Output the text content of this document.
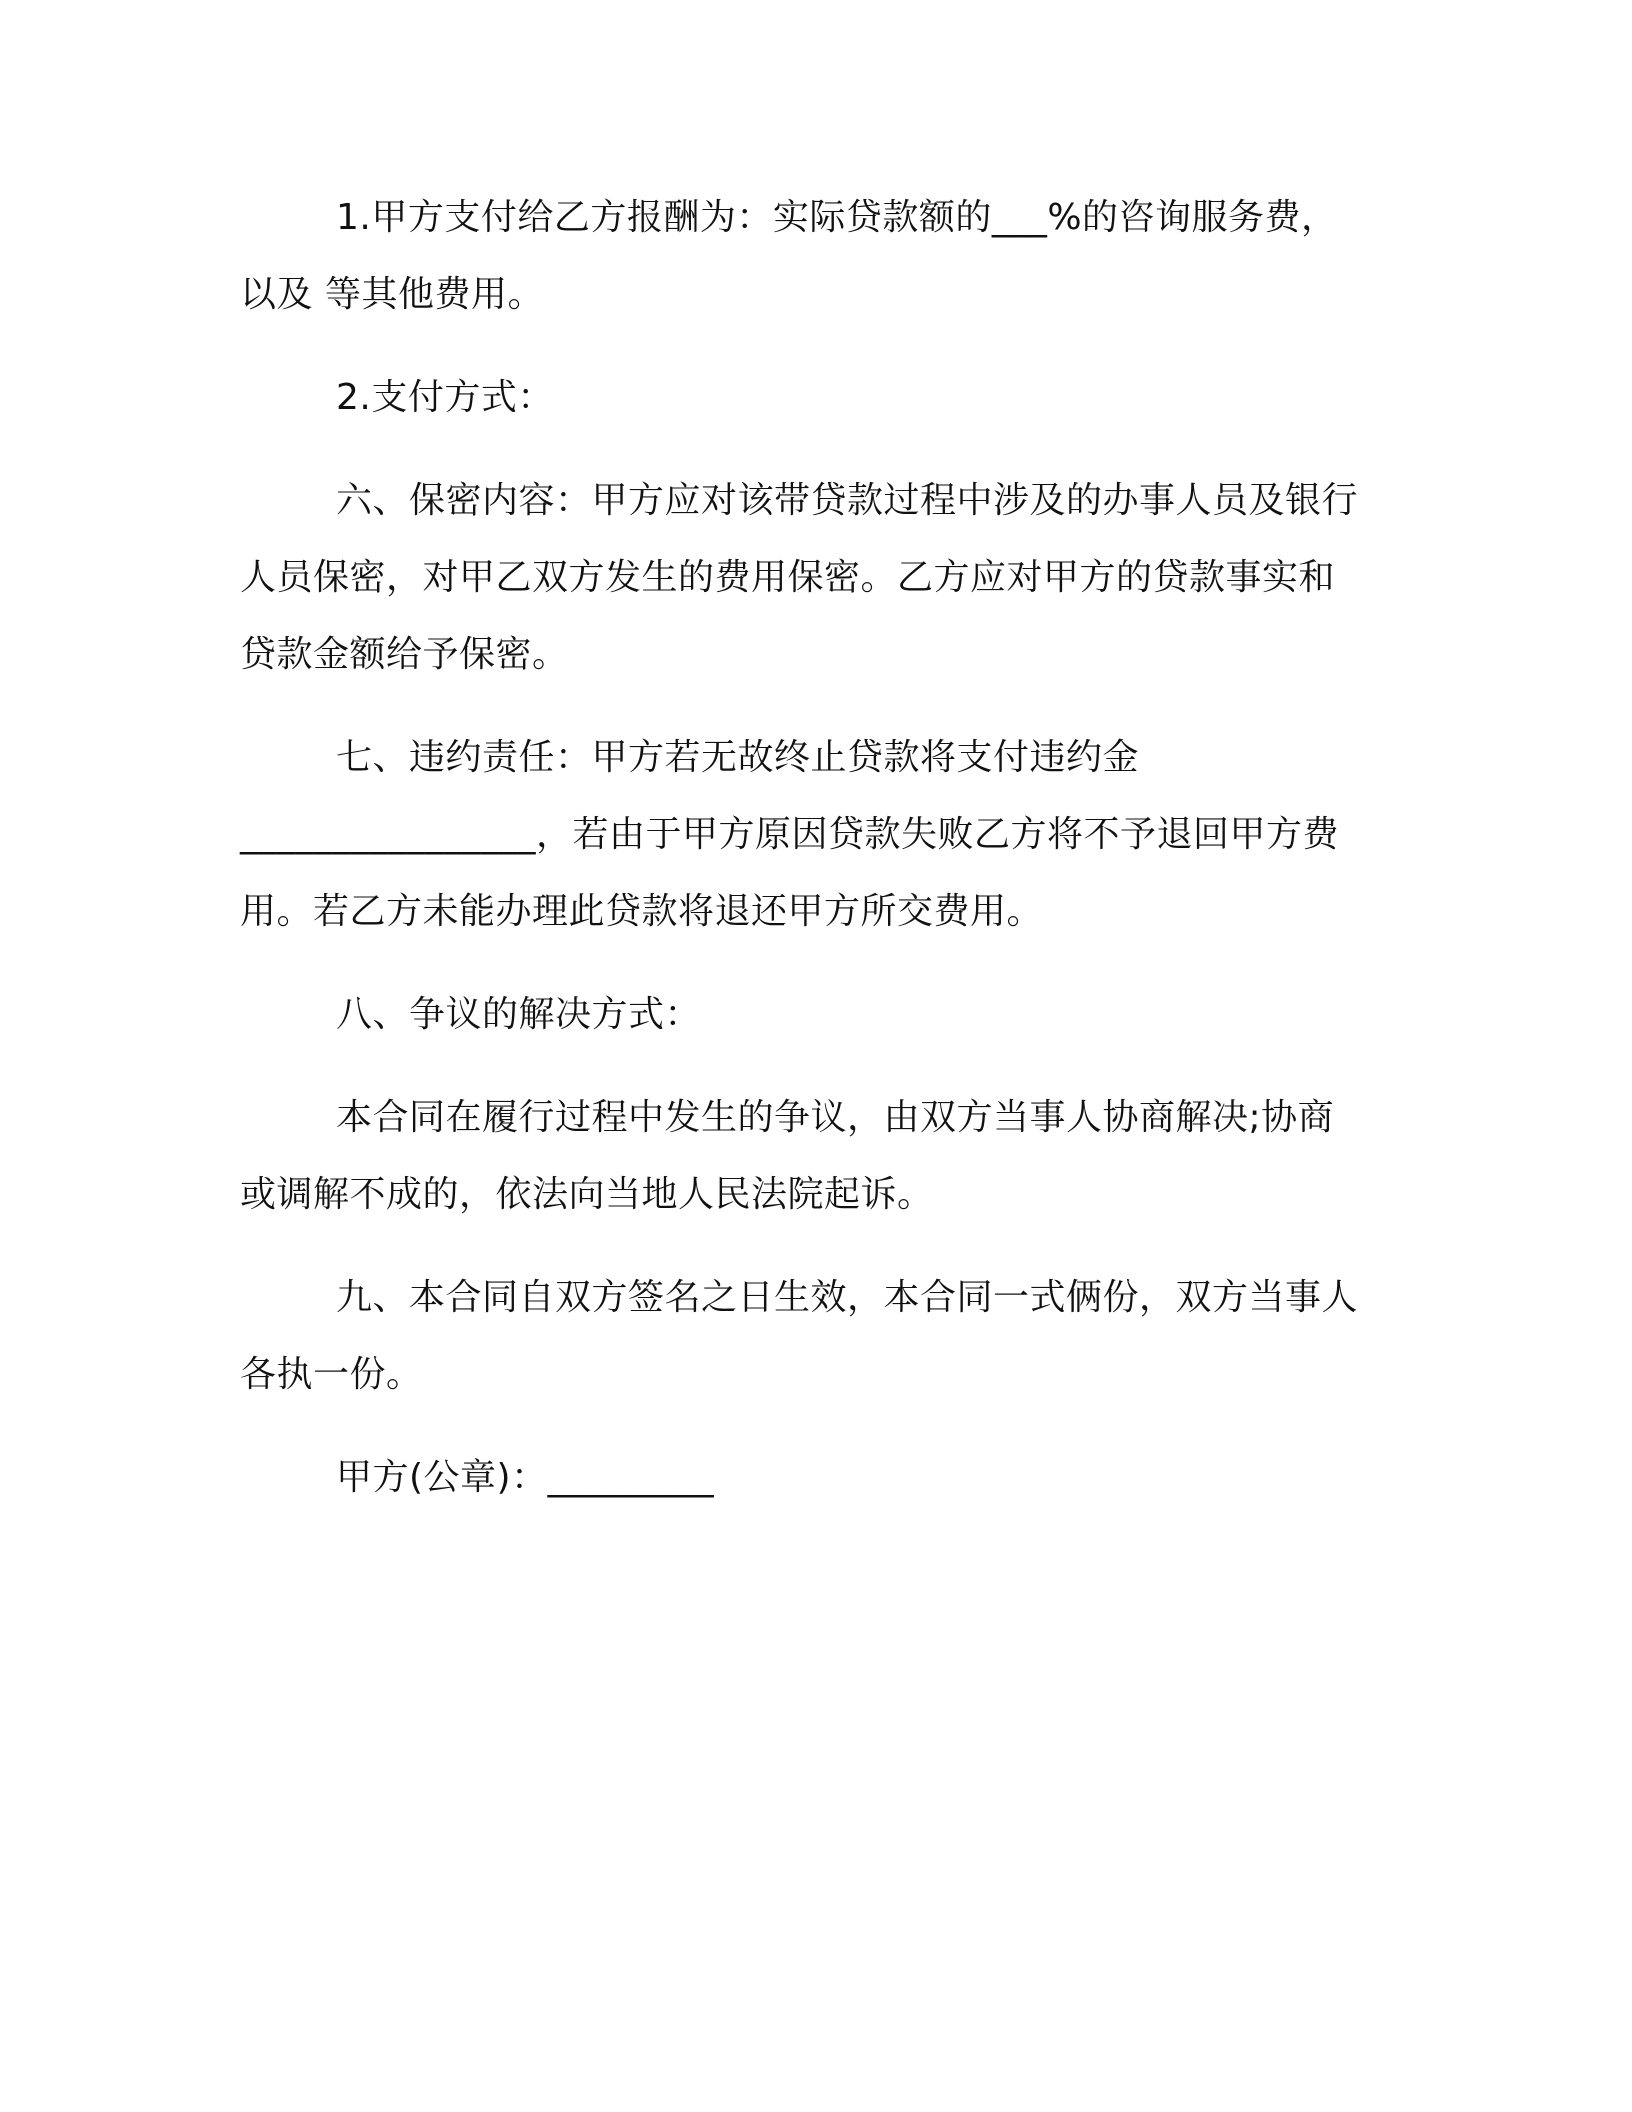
1.甲方支付给乙方报酬为：实际贷款额的___%的咨询服务费，
以及 等其他费用。
2.支付方式：
六、保密内容：甲方应对该带贷款过程中涉及的办事人员及银行
人员保密，对甲乙双方发生的费用保密。乙方应对甲方的贷款事实和
贷款金额给予保密。
七、违约责任：甲方若无故终止贷款将支付违约金
________________，若由于甲方原因贷款失败乙方将不予退回甲方费
用。若乙方未能办理此贷款将退还甲方所交费用。
八、争议的解决方式：
本合同在履行过程中发生的争议，由双方当事人协商解决;协商
或调解不成的，依法向当地人民法院起诉。
九、本合同自双方签名之日生效，本合同一式俩份，双方当事人
各执一份。
甲方(公章)：_________
